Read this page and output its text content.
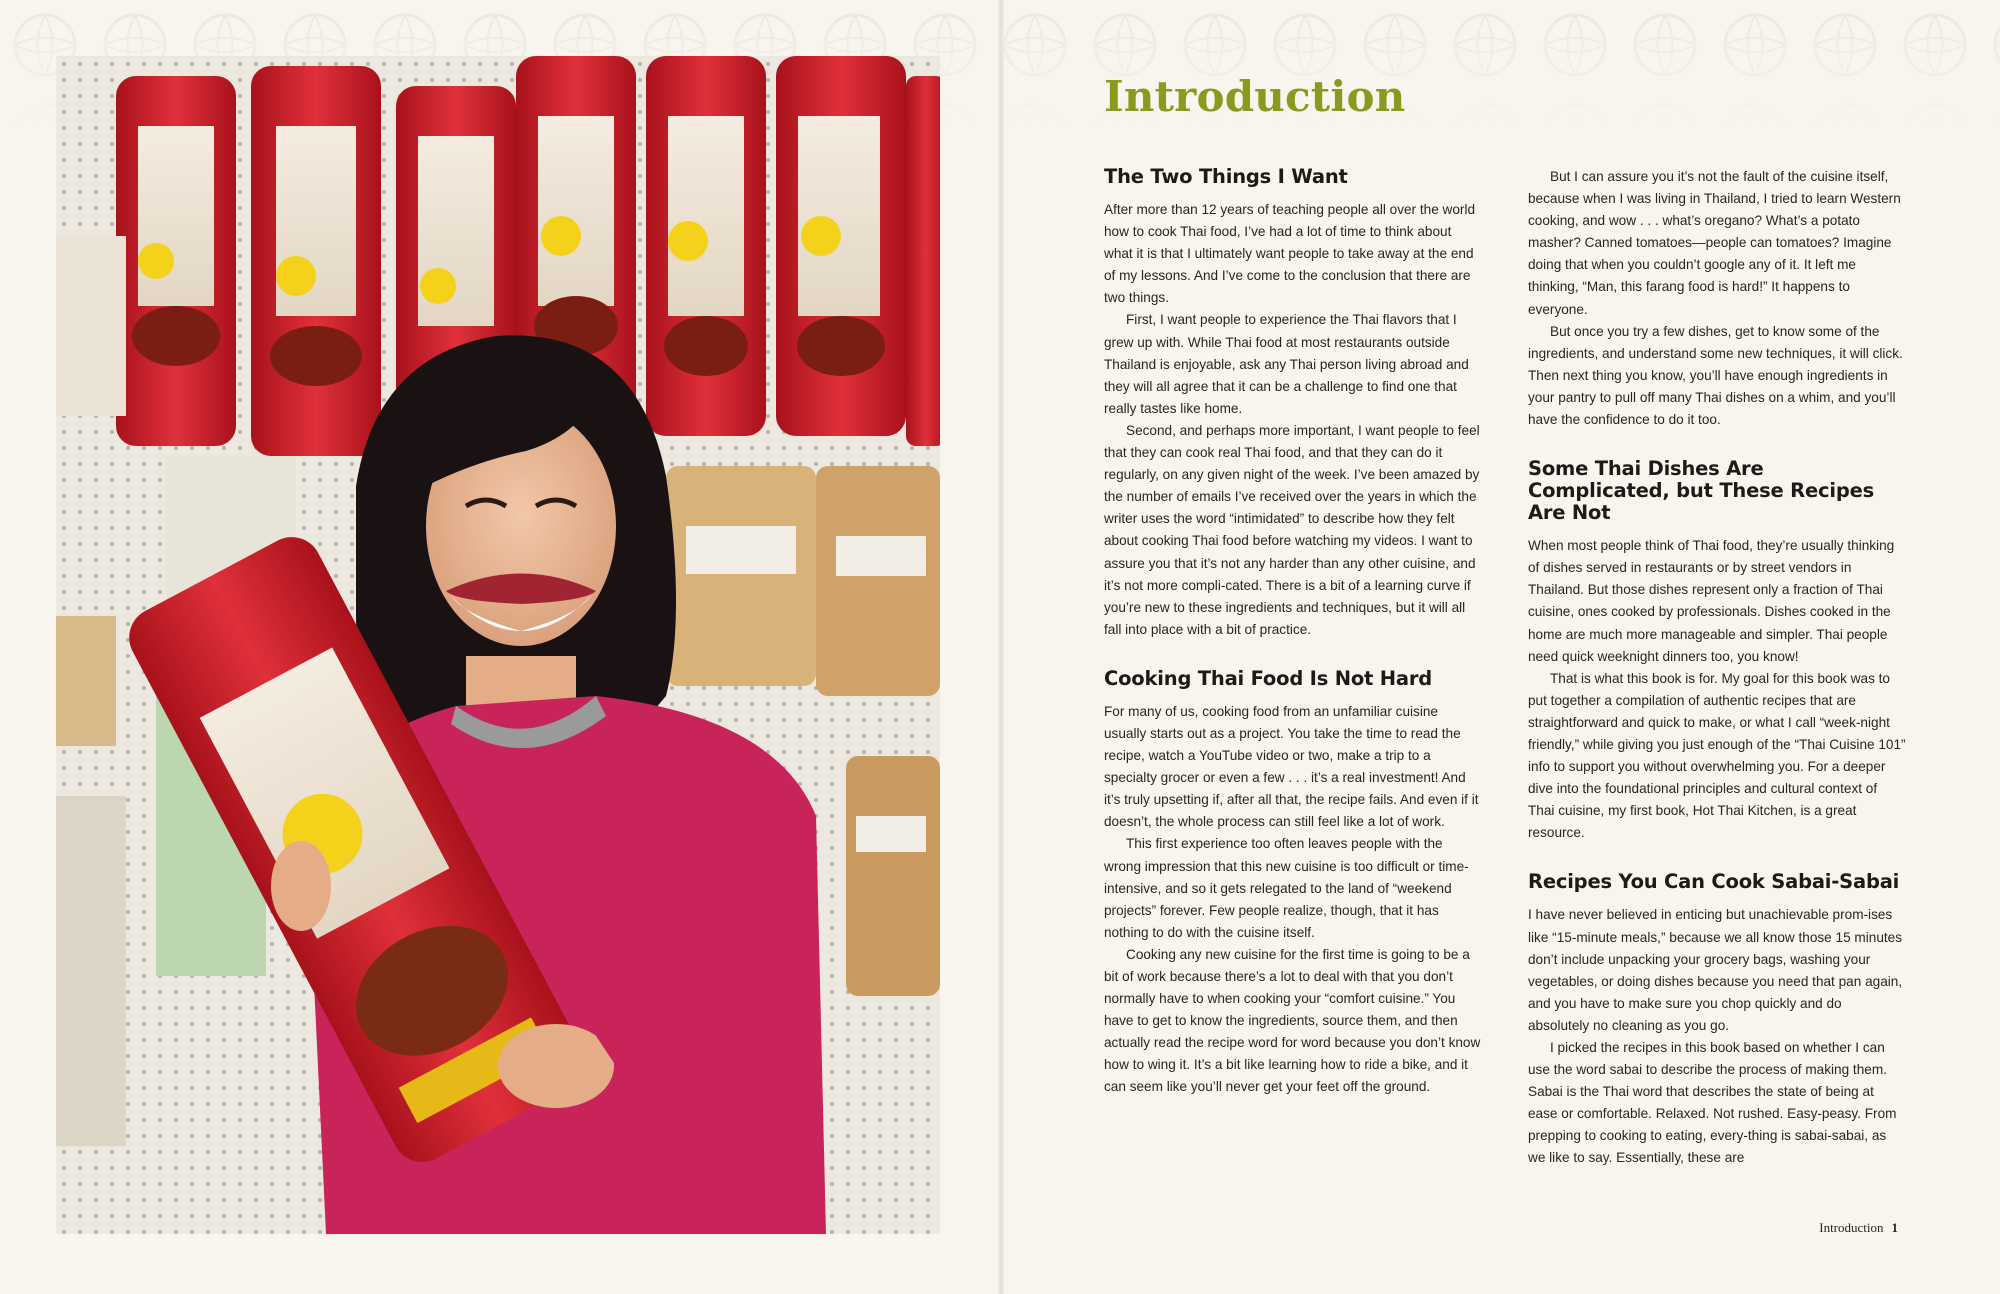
Introduction
The Two Things I Want

After more than 12 years of teaching people all over the world how to cook Thai food, I’ve had a lot of time to think about what it is that I ultimately want people to take away at the end of my lessons. And I’ve come to the conclusion that there are two things.

First, I want people to experience the Thai flavors that I grew up with. While Thai food at most restaurants outside Thailand is enjoyable, ask any Thai person living abroad and they will all agree that it can be a challenge to find one that really tastes like home.

Second, and perhaps more important, I want people to feel that they can cook real Thai food, and that they can do it regularly, on any given night of the week. I’ve been amazed by the number of emails I’ve received over the years in which the writer uses the word “intimidated” to describe how they felt about cooking Thai food before watching my videos. I want to assure you that it’s not any harder than any other cuisine, and it’s not more compli-cated. There is a bit of a learning curve if you’re new to these ingredients and techniques, but it will all fall into place with a bit of practice.

Cooking Thai Food Is Not Hard

For many of us, cooking food from an unfamiliar cuisine usually starts out as a project. You take the time to read the recipe, watch a YouTube video or two, make a trip to a specialty grocer or even a few . . . it’s a real investment! And it’s truly upsetting if, after all that, the recipe fails. And even if it doesn’t, the whole process can still feel like a lot of work.

This first experience too often leaves people with the wrong impression that this new cuisine is too difficult or time-intensive, and so it gets relegated to the land of “weekend projects” forever. Few people realize, though, that it has nothing to do with the cuisine itself.

Cooking any new cuisine for the first time is going to be a bit of work because there’s a lot to deal with that you don’t normally have to when cooking your “comfort cuisine.” You have to get to know the ingredients, source them, and then actually read the recipe word for word because you don’t know how to wing it. It’s a bit like learning how to ride a bike, and it can seem like you’ll never get your feet off the ground.

But I can assure you it’s not the fault of the cuisine itself, because when I was living in Thailand, I tried to learn Western cooking, and wow . . . what’s oregano? What’s a potato masher? Canned tomatoes—people can tomatoes? Imagine doing that when you couldn’t google any of it. It left me thinking, “Man, this farang food is hard!” It happens to everyone.

But once you try a few dishes, get to know some of the ingredients, and understand some new techniques, it will click. Then next thing you know, you’ll have enough ingredients in your pantry to pull off many Thai dishes on a whim, and you’ll have the confidence to do it too.

Some Thai Dishes Are Complicated, but These Recipes Are Not

When most people think of Thai food, they’re usually thinking of dishes served in restaurants or by street vendors in Thailand. But those dishes represent only a fraction of Thai cuisine, ones cooked by professionals. Dishes cooked in the home are much more manageable and simpler. Thai people need quick weeknight dinners too, you know!

That is what this book is for. My goal for this book was to put together a compilation of authentic recipes that are straightforward and quick to make, or what I call “week-night friendly,” while giving you just enough of the “Thai Cuisine 101” info to support you without overwhelming you. For a deeper dive into the foundational principles and cultural context of Thai cuisine, my first book, Hot Thai Kitchen, is a great resource.

Recipes You Can Cook Sabai-Sabai

I have never believed in enticing but unachievable prom-ises like “15-minute meals,” because we all know those 15 minutes don’t include unpacking your grocery bags, washing your vegetables, or doing dishes because you need that pan again, and you have to make sure you chop quickly and do absolutely no cleaning as you go.

I picked the recipes in this book based on whether I can use the word sabai to describe the process of making them. Sabai is the Thai word that describes the state of being at ease or comfortable. Relaxed. Not rushed. Easy-peasy. From prepping to cooking to eating, every-thing is sabai-sabai, as we like to say. Essentially, these are

Introduction 1
